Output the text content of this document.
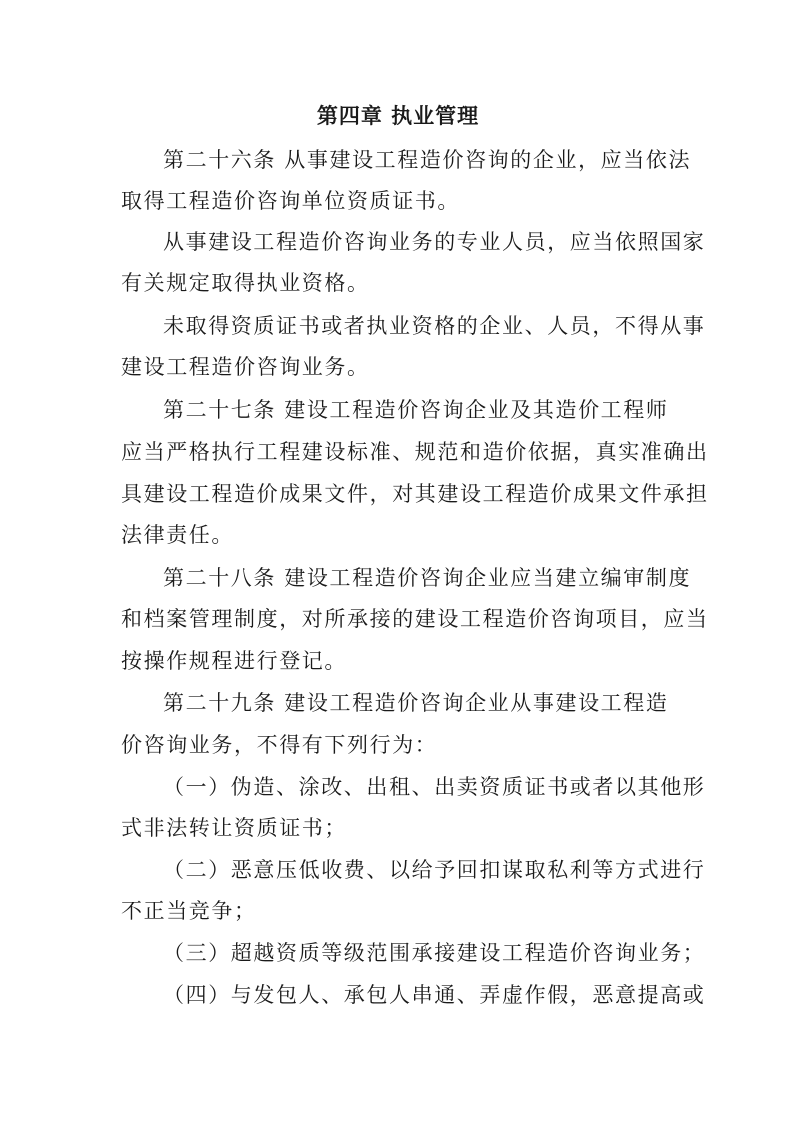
第四章 执业管理
第二十六条 从事建设工程造价咨询的企业，应当依法
取得工程造价咨询单位资质证书。
从事建设工程造价咨询业务的专业人员，应当依照国家
有关规定取得执业资格。
未取得资质证书或者执业资格的企业、人员，不得从事
建设工程造价咨询业务。
第二十七条 建设工程造价咨询企业及其造价工程师
应当严格执行工程建设标准、规范和造价依据，真实准确出
具建设工程造价成果文件，对其建设工程造价成果文件承担
法律责任。
第二十八条 建设工程造价咨询企业应当建立编审制度
和档案管理制度，对所承接的建设工程造价咨询项目，应当
按操作规程进行登记。
第二十九条 建设工程造价咨询企业从事建设工程造
价咨询业务，不得有下列行为：
（一）伪造、涂改、出租、出卖资质证书或者以其他形
式非法转让资质证书；
（二）恶意压低收费、以给予回扣谋取私利等方式进行
不正当竞争；
（三）超越资质等级范围承接建设工程造价咨询业务；
（四）与发包人、承包人串通、弄虚作假，恶意提高或
